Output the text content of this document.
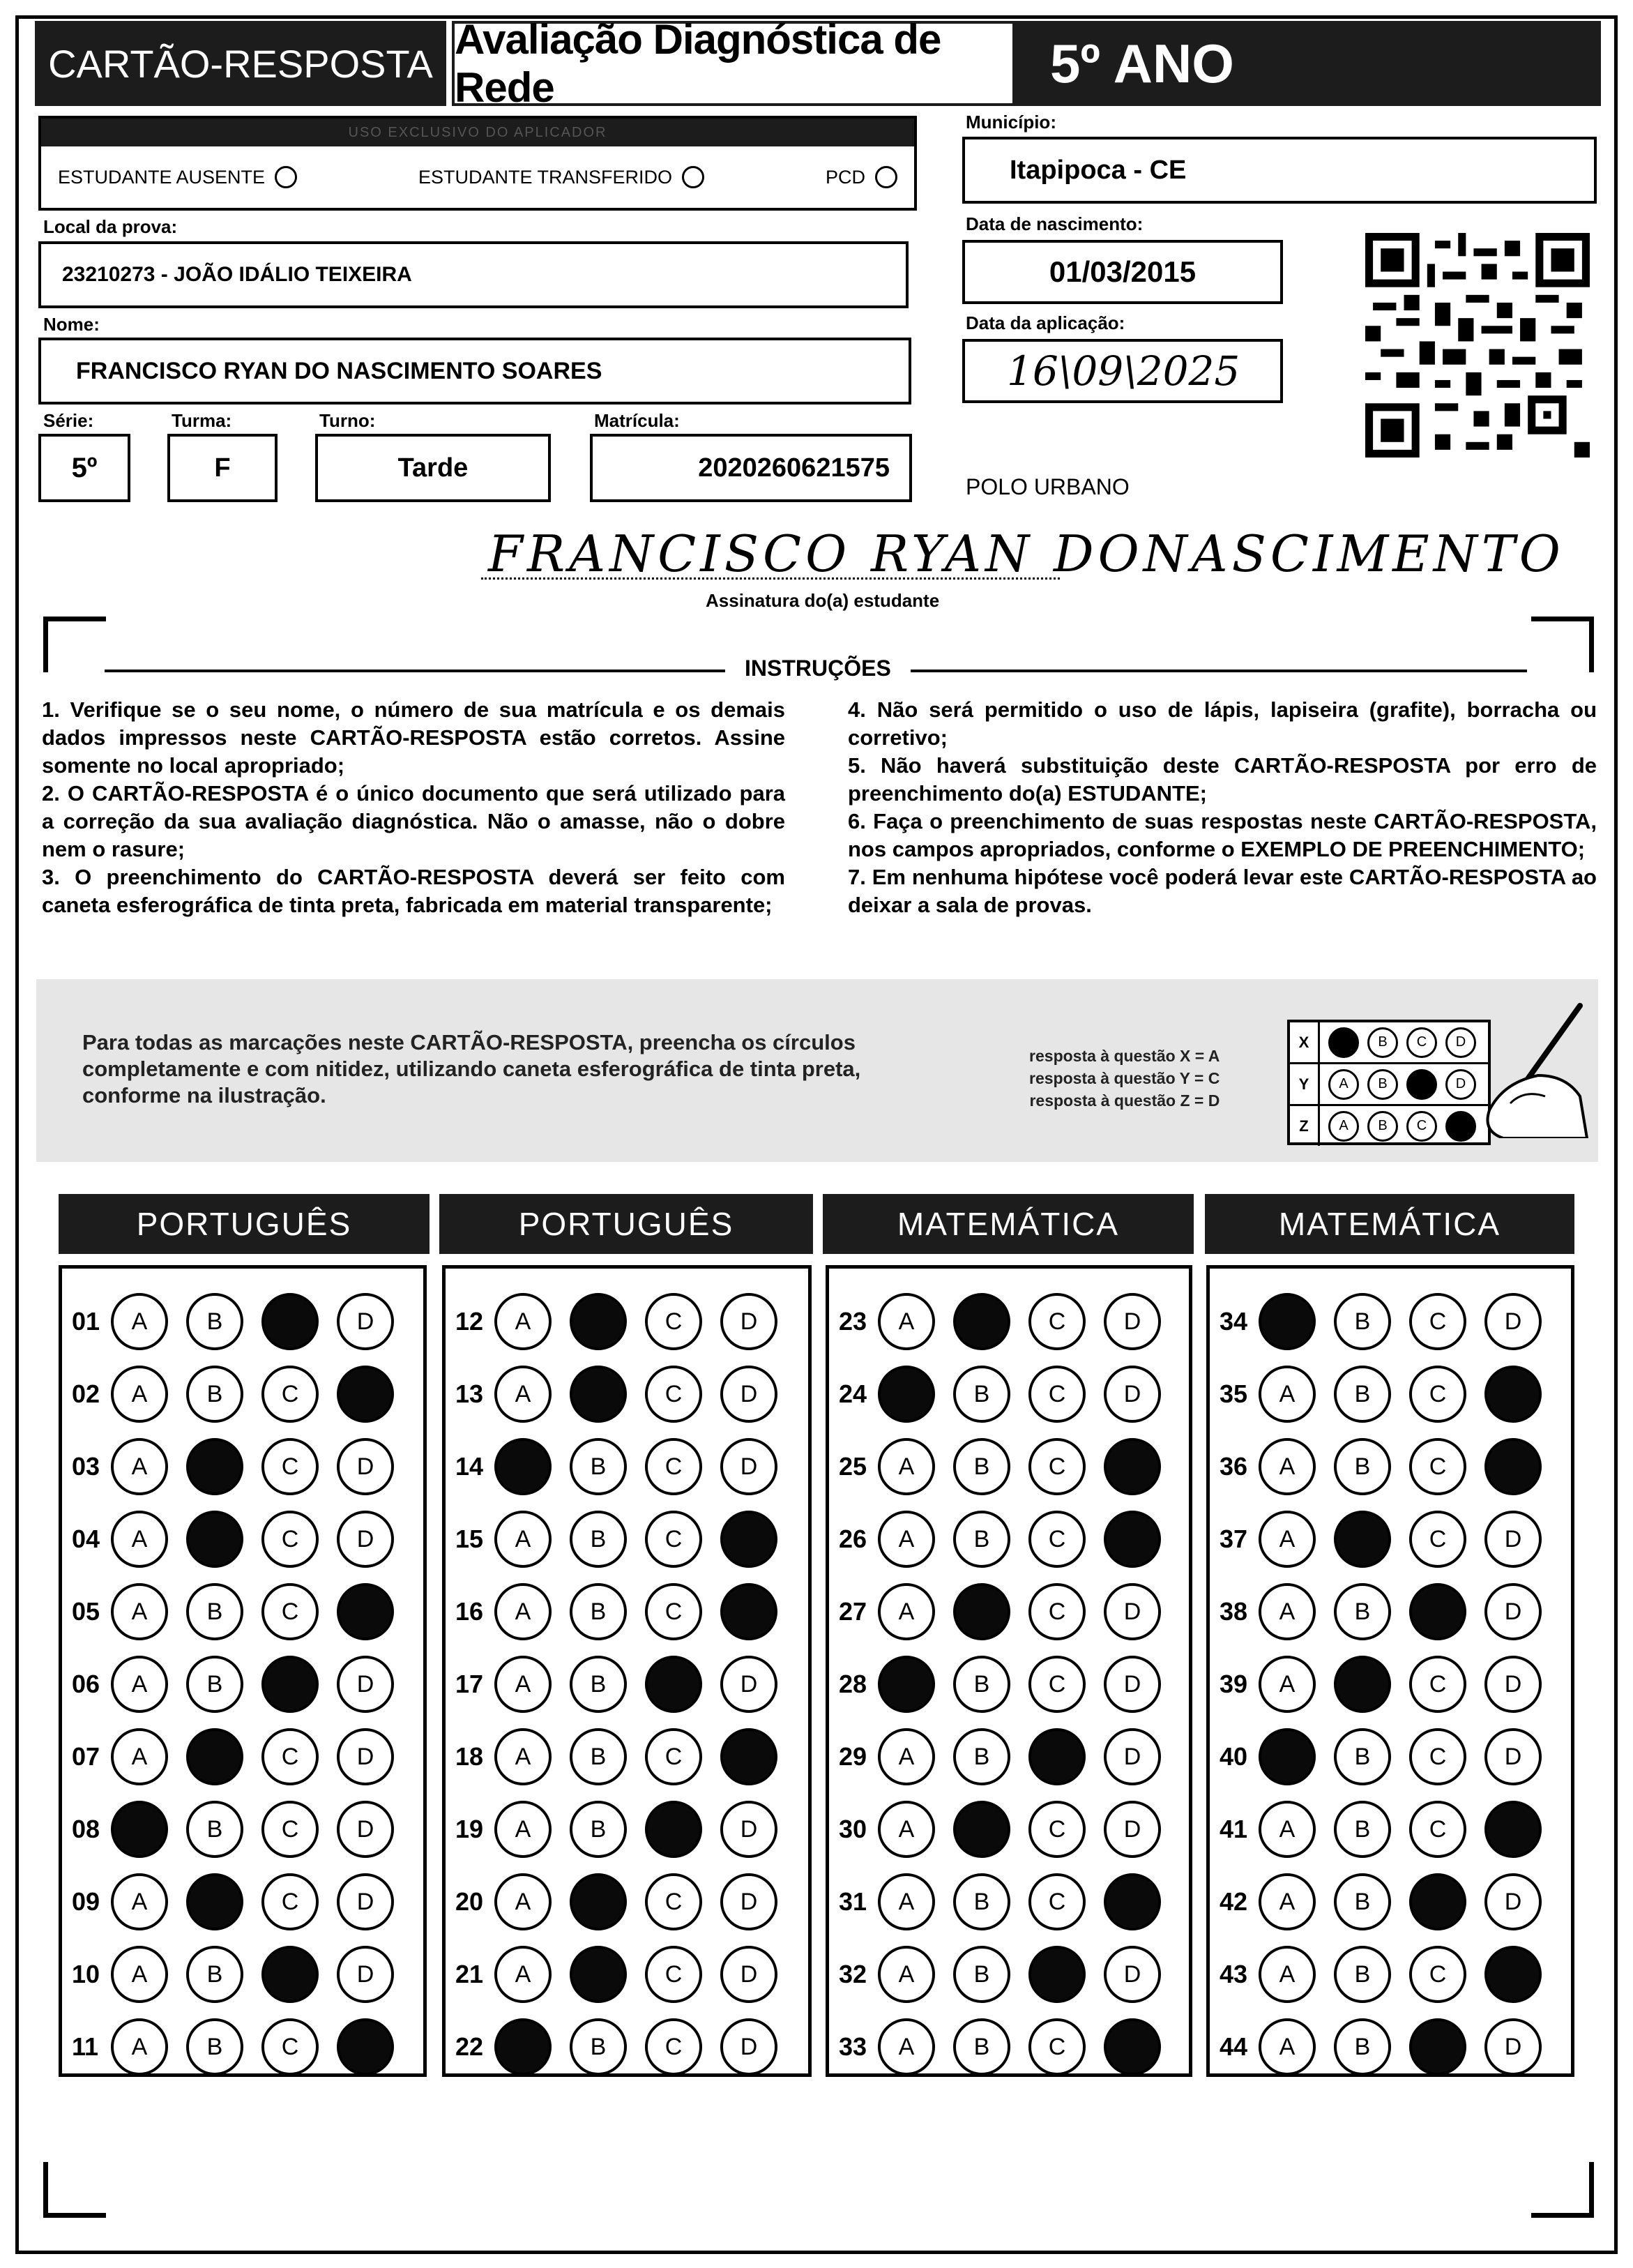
CARTÃO-RESPOSTA
Avaliação Diagnóstica de Rede	5º ANO
USO EXCLUSIVO DO APLICADOR
ESTUDANTE AUSENTE	ESTUDANTE TRANSFERIDO	PCD
Local da prova:
23210273 - JOÃO IDÁLIO TEIXEIRA
Nome:
FRANCISCO RYAN DO NASCIMENTO SOARES
Série:
5º
Turma:
F
Turno:
Tarde
Matrícula:
2020260621575
Município:
Itapipoca - CE
Data de nascimento:
01/03/2015
Data da aplicação:
16\09\2025
POLO URBANO
FRANCISCO RYAN DONASCIMENTO
Assinatura do(a) estudante
INSTRUÇÕES

1. Verifique se o seu nome, o número de sua matrícula e os demais dados impressos neste CARTÃO-RESPOSTA estão corretos. Assine somente no local apropriado;

2. O CARTÃO-RESPOSTA é o único documento que será utilizado para a correção da sua avaliação diagnóstica. Não o amasse, não o dobre nem o rasure;

3. O preenchimento do CARTÃO-RESPOSTA deverá ser feito com caneta esferográfica de tinta preta, fabricada em material transparente;

4. Não será permitido o uso de lápis, lapiseira (grafite), borracha ou corretivo;

5. Não haverá substituição deste CARTÃO-RESPOSTA por erro de preenchimento do(a) ESTUDANTE;

6. Faça o preenchimento de suas respostas neste CARTÃO-RESPOSTA, nos campos apropriados, conforme o EXEMPLO DE PREENCHIMENTO;

7. Em nenhuma hipótese você poderá levar este CARTÃO-RESPOSTA ao deixar a sala de provas.

Para todas as marcações neste CARTÃO-RESPOSTA, preencha os círculos completamente e com nitidez, utilizando caneta esferográfica de tinta preta, conforme na ilustração.
resposta à questão X = A
resposta à questão Y = C
resposta à questão Z = D
X	A	B	C	D
Y	A	B	C	D
Z	A	B	C	D
PORTUGUÊS	PORTUGUÊS	MATEMÁTICA	MATEMÁTICA
01	A	B	C	D
02	A	B	C	D
03	A	B	C	D
04	A	B	C	D
05	A	B	C	D
06	A	B	C	D
07	A	B	C	D
08	A	B	C	D
09	A	B	C	D
10	A	B	C	D
11	A	B	C	D
12	A	B	C	D
13	A	B	C	D
14	A	B	C	D
15	A	B	C	D
16	A	B	C	D
17	A	B	C	D
18	A	B	C	D
19	A	B	C	D
20	A	B	C	D
21	A	B	C	D
22	A	B	C	D
23	A	B	C	D
24	A	B	C	D
25	A	B	C	D
26	A	B	C	D
27	A	B	C	D
28	A	B	C	D
29	A	B	C	D
30	A	B	C	D
31	A	B	C	D
32	A	B	C	D
33	A	B	C	D
34	A	B	C	D
35	A	B	C	D
36	A	B	C	D
37	A	B	C	D
38	A	B	C	D
39	A	B	C	D
40	A	B	C	D
41	A	B	C	D
42	A	B	C	D
43	A	B	C	D
44	A	B	C	D
